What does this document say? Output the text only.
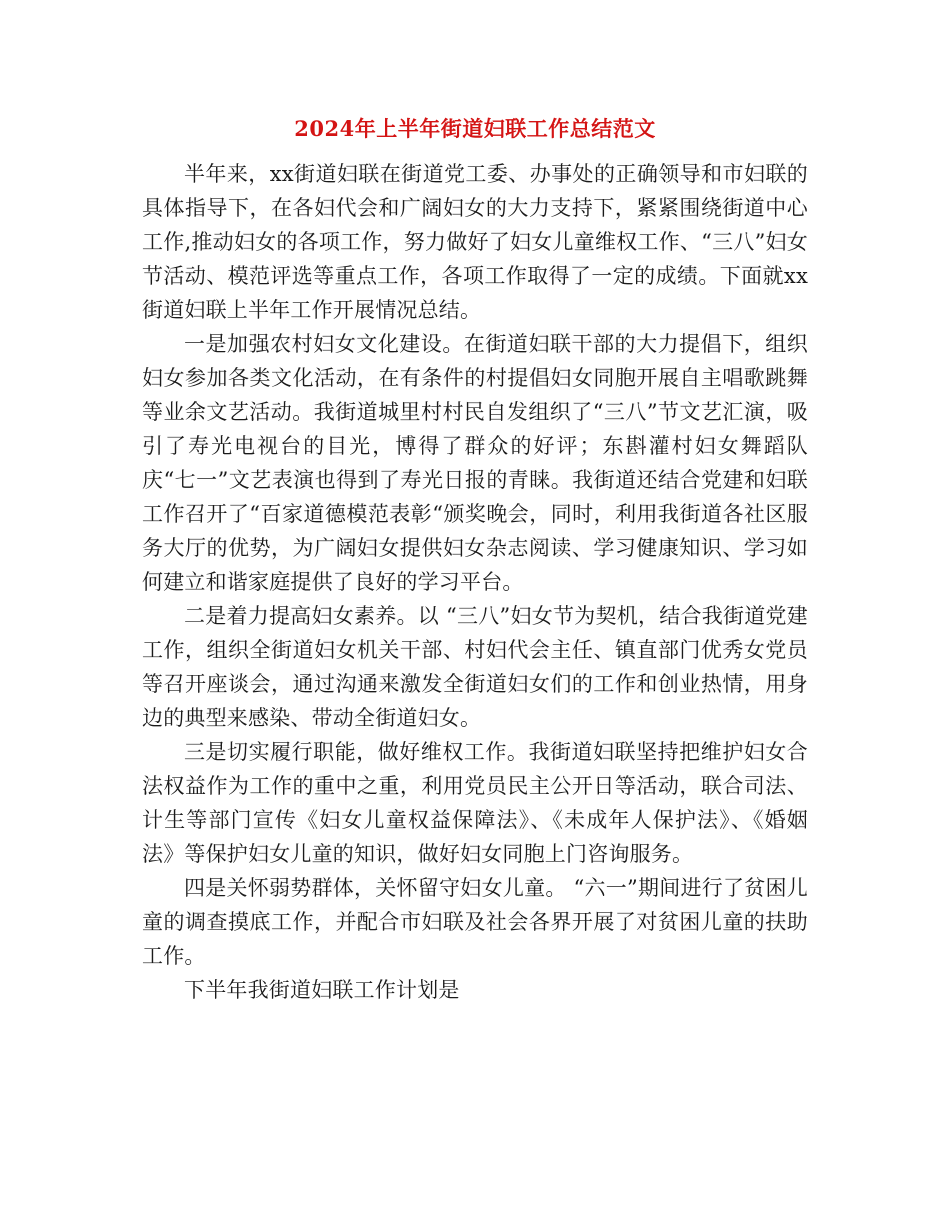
2024年上半年街道妇联工作总结范文

半年来，xx街道妇联在街道党工委、办事处的正确领导和市妇联的具体指导下，在各妇代会和广阔妇女的大力支持下，紧紧围绕街道中心工作,推动妇女的各项工作，努力做好了妇女儿童维权工作、“三八”妇女节活动、模范评选等重点工作，各项工作取得了一定的成绩。下面就xx街道妇联上半年工作开展情况总结。

一是加强农村妇女文化建设。在街道妇联干部的大力提倡下，组织妇女参加各类文化活动，在有条件的村提倡妇女同胞开展自主唱歌跳舞等业余文艺活动。我街道城里村村民自发组织了“三八”节文艺汇演，吸引了寿光电视台的目光，博得了群众的好评；东斟灌村妇女舞蹈队庆“七一”文艺表演也得到了寿光日报的青睐。我街道还结合党建和妇联工作召开了“百家道德模范表彰“颁奖晚会，同时，利用我街道各社区服务大厅的优势，为广阔妇女提供妇女杂志阅读、学习健康知识、学习如何建立和谐家庭提供了良好的学习平台。

二是着力提高妇女素养。以 “三八”妇女节为契机，结合我街道党建工作，组织全街道妇女机关干部、村妇代会主任、镇直部门优秀女党员等召开座谈会，通过沟通来激发全街道妇女们的工作和创业热情，用身边的典型来感染、带动全街道妇女。

三是切实履行职能，做好维权工作。我街道妇联坚持把维护妇女合法权益作为工作的重中之重，利用党员民主公开日等活动，联合司法、计生等部门宣传《妇女儿童权益保障法》、《未成年人保护法》、《婚姻法》等保护妇女儿童的知识，做好妇女同胞上门咨询服务。

四是关怀弱势群体，关怀留守妇女儿童。 “六一”期间进行了贫困儿童的调查摸底工作，并配合市妇联及社会各界开展了对贫困儿童的扶助工作。

下半年我街道妇联工作计划是
